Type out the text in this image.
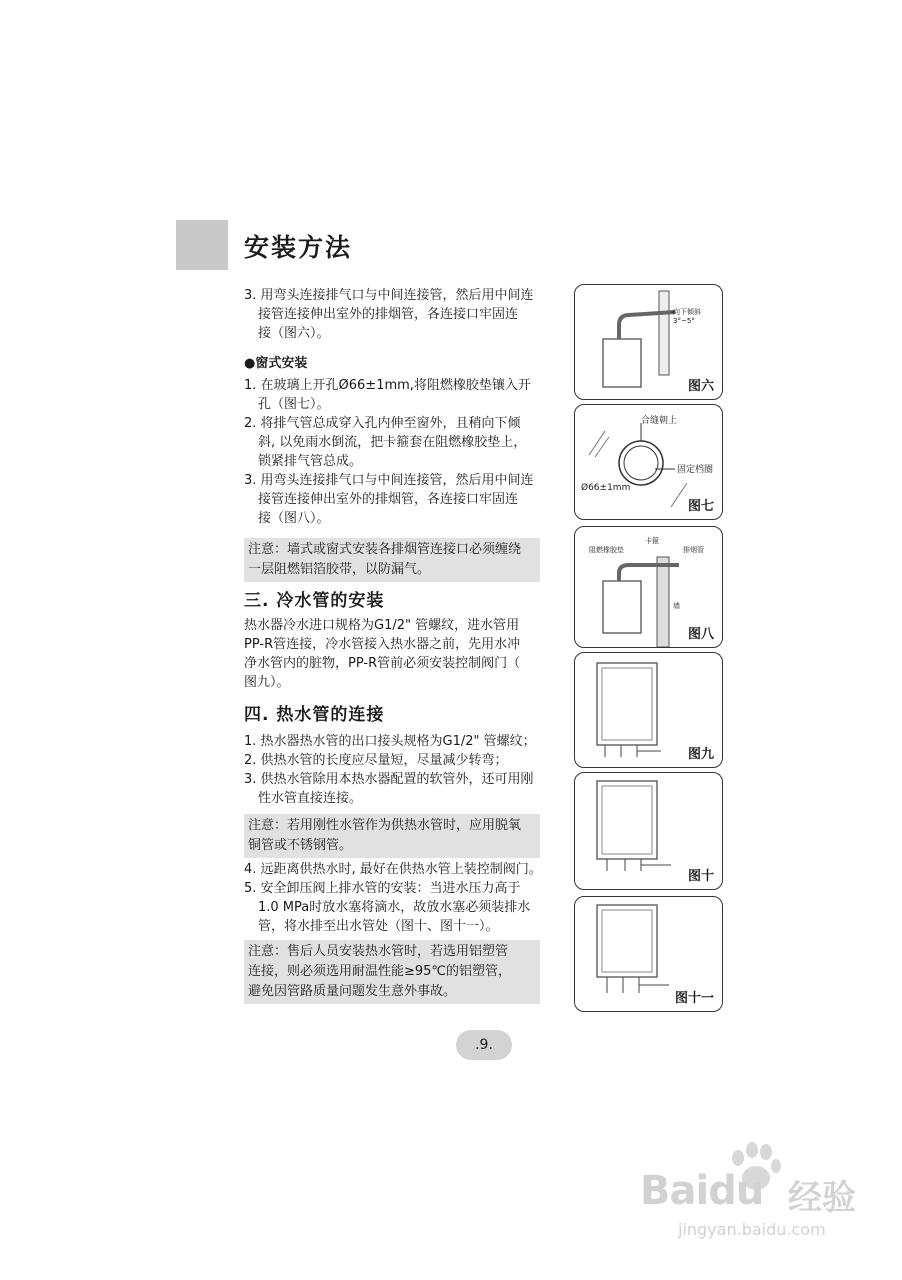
安装方法

3. 用弯头连接排气口与中间连接管，然后用中间连

接管连接伸出室外的排烟管，各连接口牢固连

接（图六）。

●窗式安装

1. 在玻璃上开孔Ø66±1mm,将阻燃橡胶垫镶入开

孔（图七）。

2. 将排气管总成穿入孔内伸至窗外，且稍向下倾

斜, 以免雨水倒流，把卡箍套在阻燃橡胶垫上，

锁紧排气管总成。

3. 用弯头连接排气口与中间连接管，然后用中间连

接管连接伸出室外的排烟管，各连接口牢固连

接（图八）。

注意：墙式或窗式安装各排烟管连接口必须缠绕
一层阻燃铝箔胶带，以防漏气。
三. 冷水管的安装

热水器冷水进口规格为G1/2" 管螺纹，进水管用

PP-R管连接，冷水管接入热水器之前，先用水冲

净水管内的脏物，PP-R管前必须安装控制阀门（

图九）。

四. 热水管的连接

1. 热水器热水管的出口接头规格为G1/2" 管螺纹；

2. 供热水管的长度应尽量短，尽量减少转弯；

3. 供热水管除用本热水器配置的软管外，还可用刚

性水管直接连接。

注意：若用刚性水管作为供热水管时，应用脱氧
铜管或不锈钢管。

4. 远距离供热水时, 最好在供热水管上装控制阀门。

5. 安全卸压阀上排水管的安装：当进水压力高于

1.0 MPa时放水塞将滴水，故放水塞必须装排水

管，将水排至出水管处（图十、图十一）。

注意：售后人员安装热水管时，若选用铝塑管
连接，则必须选用耐温性能≥95℃的铝塑管，
避免因管路质量问题发生意外事故。
向下倾斜3°~5°
图六
合缝朝上
固定档圈
Ø66±1mm
图七
阻燃橡胶垫
卡箍
排烟管
墙
图八
图九
图十
图十一
.9.
Baidu 经验
jingyan.baidu.com
